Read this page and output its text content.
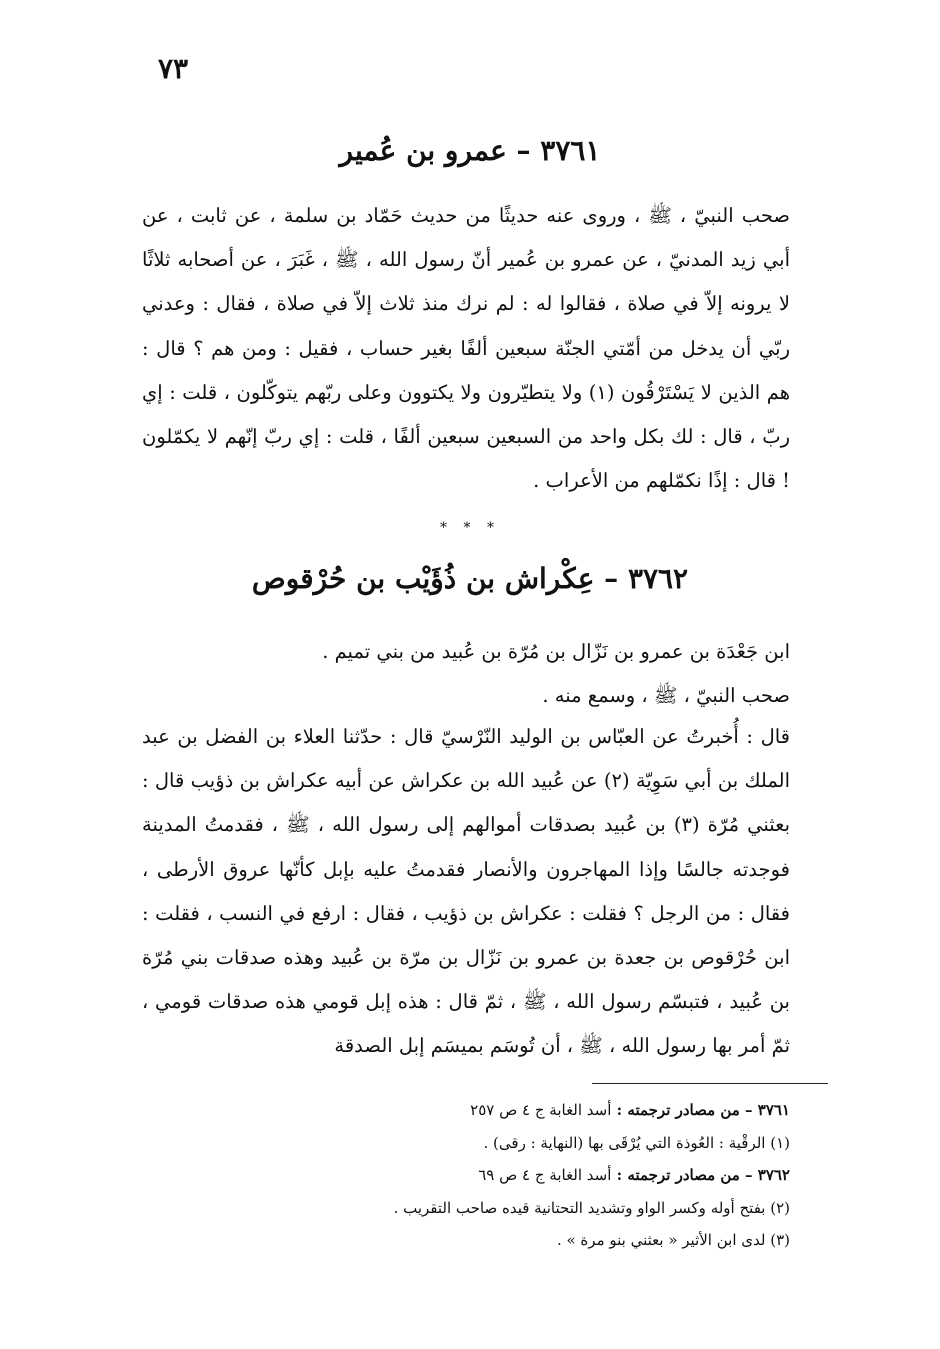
٧٣
٣٧٦١ – عمرو بن عُمير
صحب النبيّ ، ﷺ ، وروى عنه حديثًا من حديث حَمّاد بن سلمة ، عن ثابت ، عن أبي زيد المدنيّ ، عن عمرو بن عُمير أنّ رسول الله ، ﷺ ، غَبَرَ ، عن أصحابه ثلاثًا لا يرونه إلاّ في صلاة ، فقالوا له : لم نرك منذ ثلاث إلاّ في صلاة ، فقال : وعدني ربّي أن يدخل من أمّتي الجنّة سبعين ألفًا بغير حساب ، فقيل : ومن هم ؟ قال : هم الذين لا يَسْتَرْقُون (١) ولا يتطيّرون ولا يكتوون وعلى ربّهم يتوكّلون ، قلت : إي ربّ ، قال : لك بكل واحد من السبعين سبعين ألفًا ، قلت : إي ربّ إنّهم لا يكمّلون ! قال : إذًا نكمّلهم من الأعراب .
* * *
٣٧٦٢ – عِكْراش بن ذُؤَيْب بن حُرْقوص
ابن جَعْدَة بن عمرو بن نَزّال بن مُرّة بن عُبيد من بني تميم .
صحب النبيّ ، ﷺ ، وسمع منه .
قال : أُخبرتُ عن العبّاس بن الوليد النّرْسيّ قال : حدّثنا العلاء بن الفضل بن عبد الملك بن أبي سَوِيّة (٢) عن عُبيد الله بن عكراش عن أبيه عكراش بن ذؤيب قال : بعثني مُرّة (٣) بن عُبيد بصدقات أموالهم إلى رسول الله ، ﷺ ، فقدمتُ المدينة فوجدته جالسًا وإذا المهاجرون والأنصار فقدمتُ عليه بإبل كأنّها عروق الأرطى ، فقال : من الرجل ؟ فقلت : عكراش بن ذؤيب ، فقال : ارفع في النسب ، فقلت : ابن حُرْقوص بن جعدة بن عمرو بن نَزّال بن مرّة بن عُبيد وهذه صدقات بني مُرّة بن عُبيد ، فتبسّم رسول الله ، ﷺ ، ثمّ قال : هذه إبل قومي هذه صدقات قومي ، ثمّ أمر بها رسول الله ، ﷺ ، أن تُوسَم بميسَم إبل الصدقة
٣٧٦١ – من مصادر ترجمته : أسد الغابة ج ٤ ص ٢٥٧
(١) الرقْية : العُوذة التي يُرْقَى بها (النهاية : رقى) .
٣٧٦٢ – من مصادر ترجمته : أسد الغابة ج ٤ ص ٦٩
(٢) بفتح أوله وكسر الواو وتشديد التحتانية قيده صاحب التقريب .
(٣) لدى ابن الأثير « بعثني بنو مرة » .
